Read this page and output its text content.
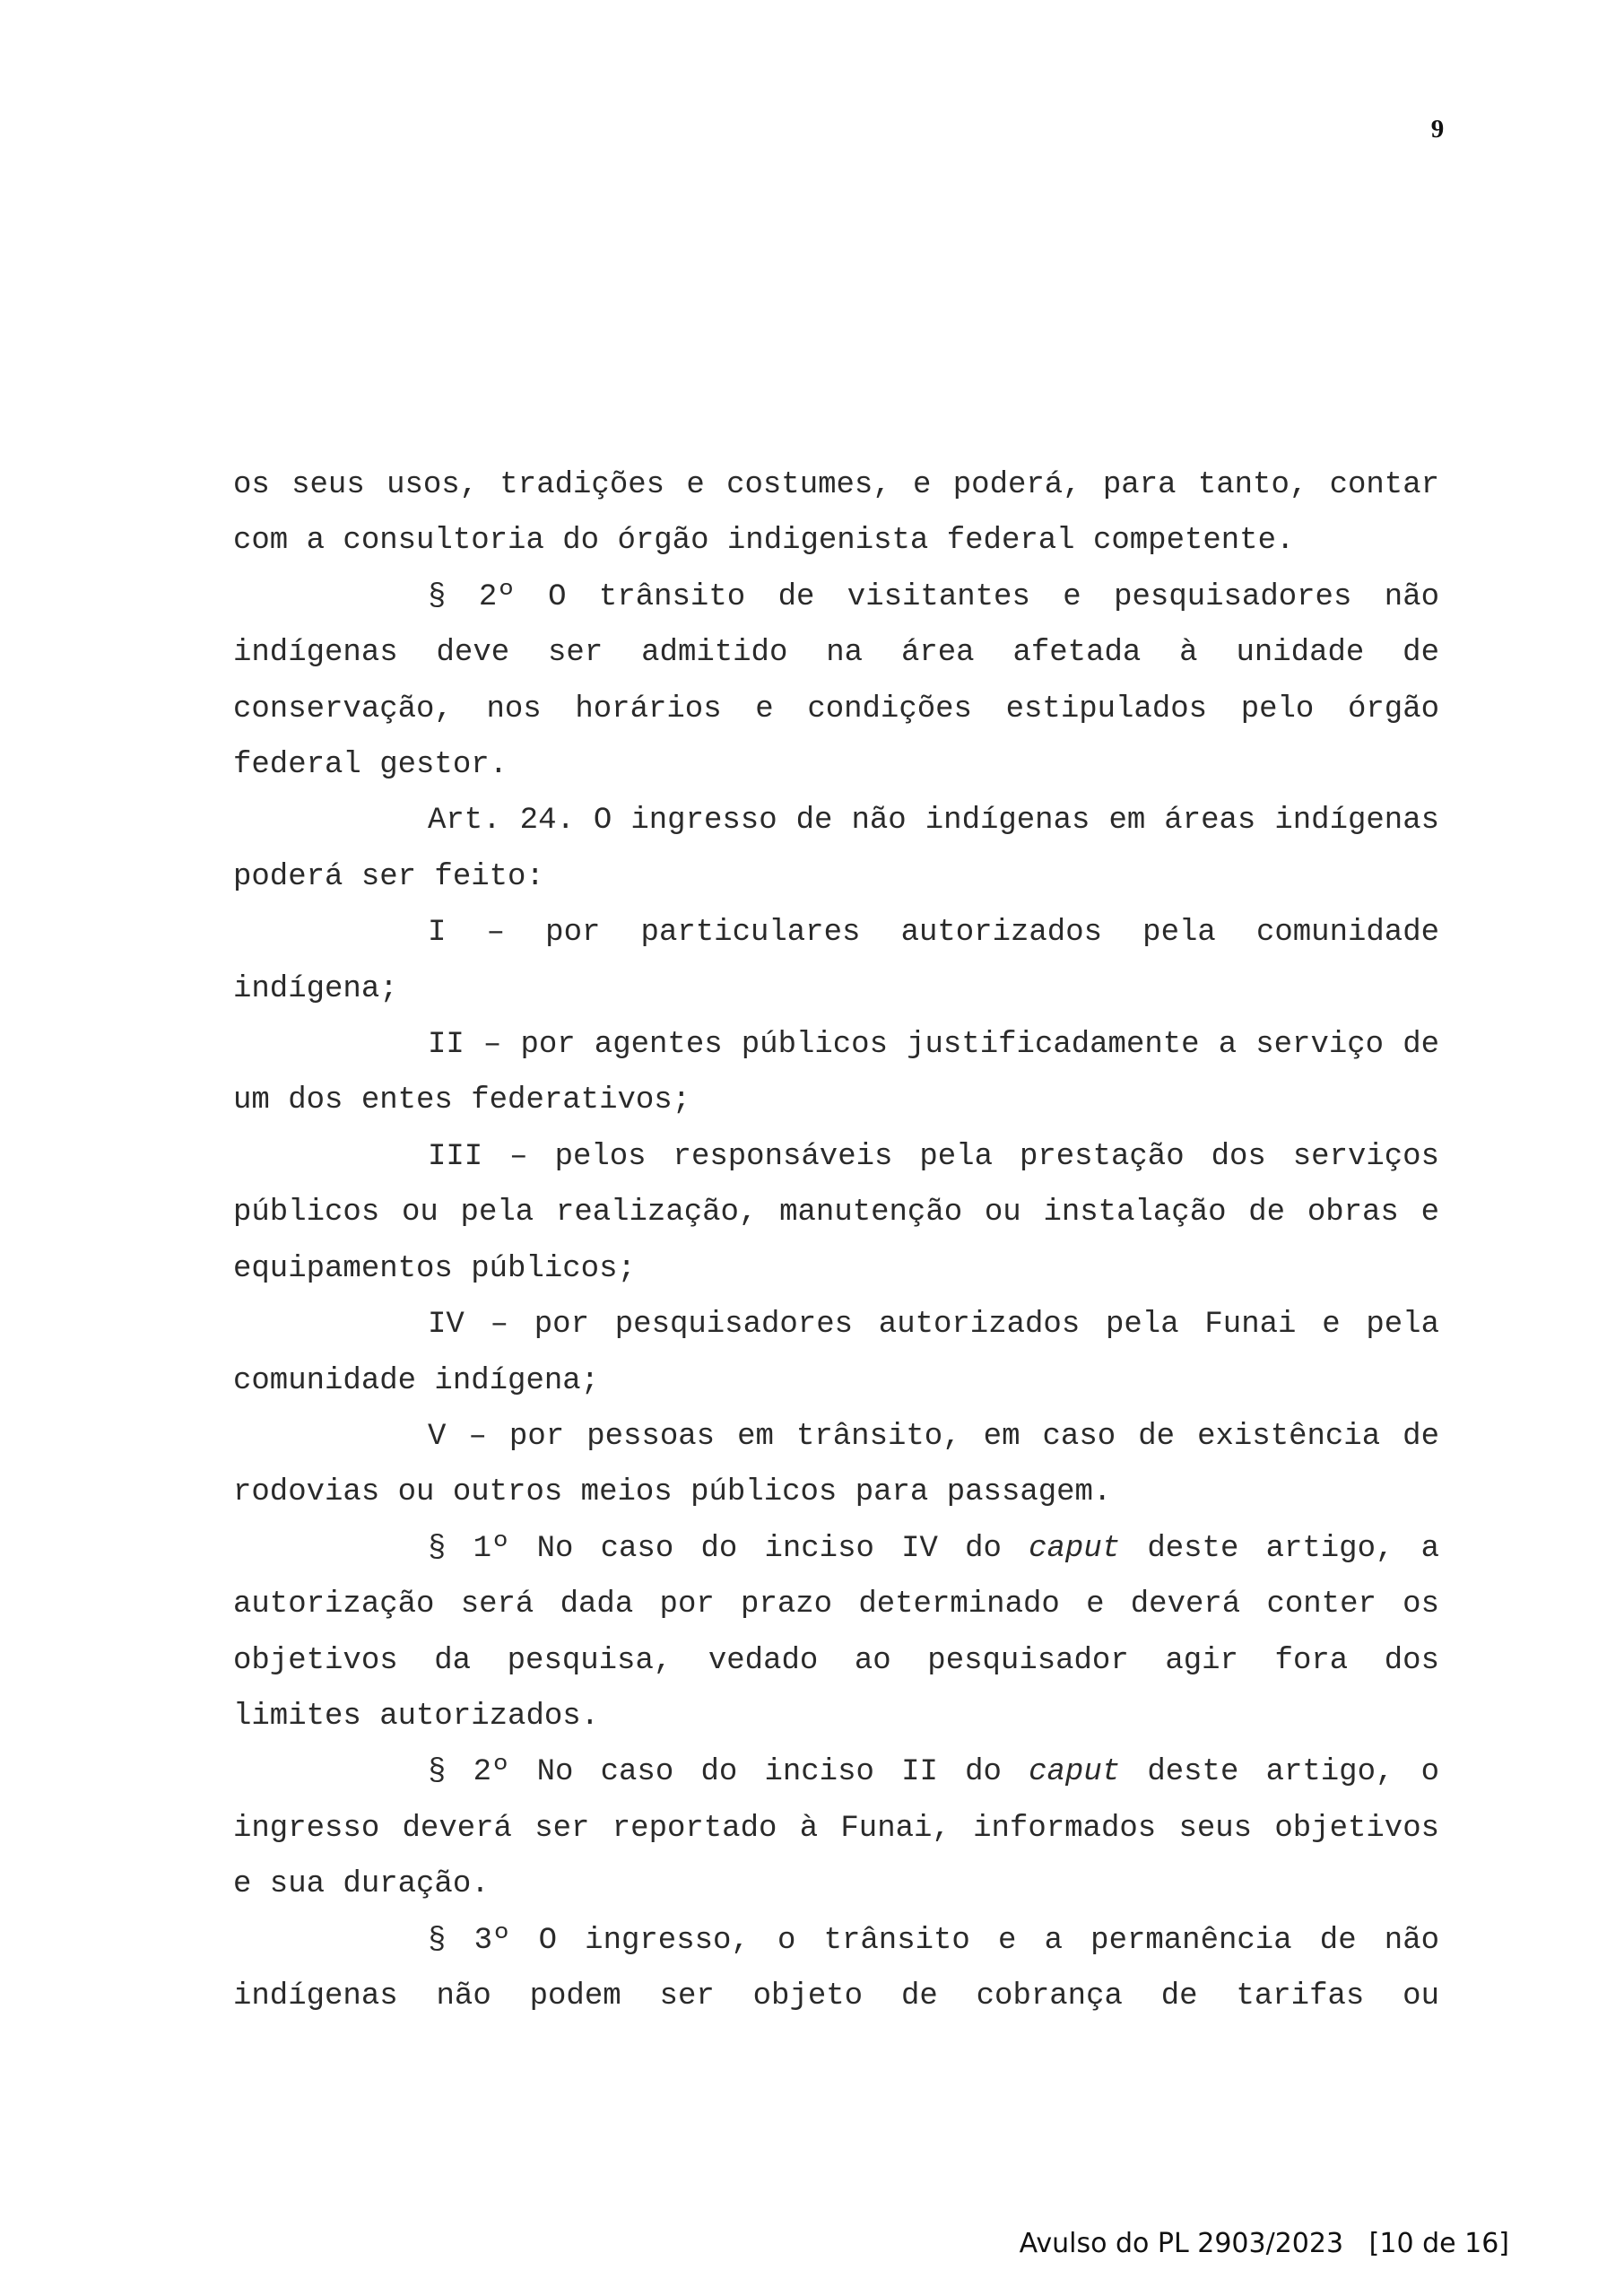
9

os seus usos, tradições e costumes, e poderá, para tanto, contar com a consultoria do órgão indigenista federal competente.

§ 2º O trânsito de visitantes e pesquisadores não indígenas deve ser admitido na área afetada à unidade de conservação, nos horários e condições estipulados pelo órgão federal gestor.

Art. 24. O ingresso de não indígenas em áreas indígenas poderá ser feito:

I – por particulares autorizados pela comunidade indígena;

II – por agentes públicos justificadamente a serviço de um dos entes federativos;

III – pelos responsáveis pela prestação dos serviços públicos ou pela realização, manutenção ou instalação de obras e equipamentos públicos;

IV – por pesquisadores autorizados pela Funai e pela comunidade indígena;

V – por pessoas em trânsito, em caso de existência de rodovias ou outros meios públicos para passagem.

§ 1º No caso do inciso IV do caput deste artigo, a autorização será dada por prazo determinado e deverá conter os objetivos da pesquisa, vedado ao pesquisador agir fora dos limites autorizados.

§ 2º No caso do inciso II do caput deste artigo, o ingresso deverá ser reportado à Funai, informados seus objetivos e sua duração.

§ 3º O ingresso, o trânsito e a permanência de não indígenas não podem ser objeto de cobrança de tarifas ou

Avulso do PL 2903/2023   [10 de 16]
